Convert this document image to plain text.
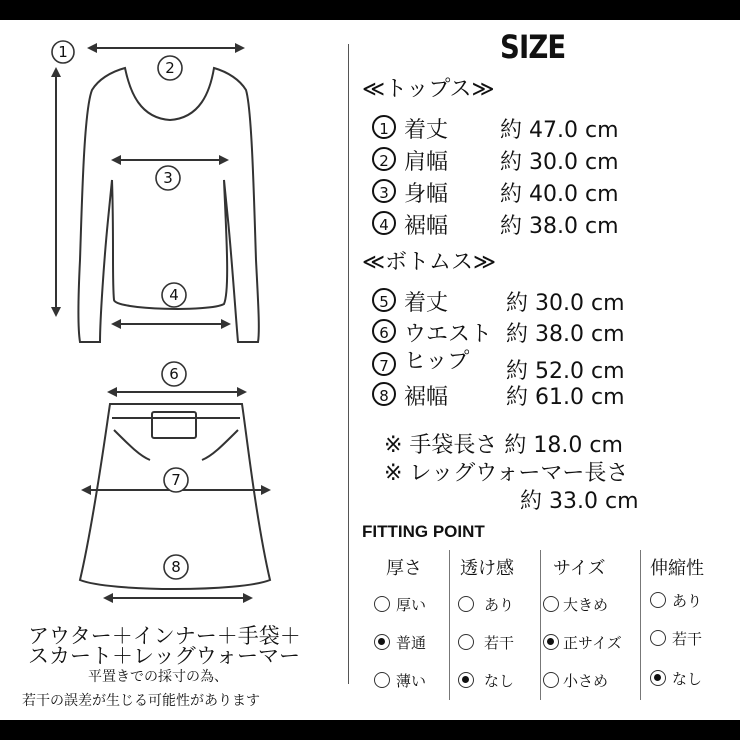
1
2
3
4
6
7
8
アウター＋インナー＋手袋＋
スカート＋レッグウォーマー
平置きでの採寸の為、
若干の誤差が生じる可能性があります
SIZE
≪トップス≫
1 着丈 約 47.0 cm
2 肩幅 約 30.0 cm
3 身幅 約 40.0 cm
4 裾幅 約 38.0 cm
≪ボトムス≫
5 着丈	約 30.0 cm
6 ウエスト 約 38.0 cm
7 ヒップ 約 52.0 cm
8 裾幅	約 61.0 cm
※ 手袋長さ 約 18.0 cm
※ レッグウォーマー長さ
約 33.0 cm
FITTING POINT
厚さ
厚い
普通
薄い
透け感
あり
若干
なし
サイズ
大きめ
正サイズ
小さめ
伸縮性
あり
若干
なし
